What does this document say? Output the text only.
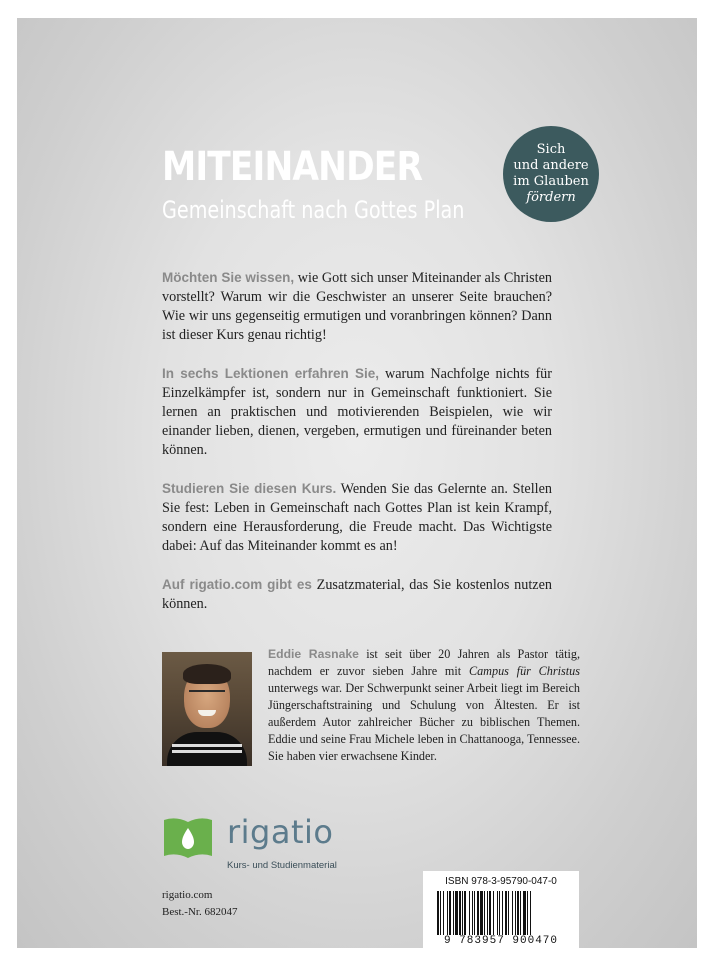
MITEINANDER
Gemeinschaft nach Gottes Plan
Sich
und andere
im Glauben
fördern

Möchten Sie wissen, wie Gott sich unser Miteinander als Christen vorstellt? Warum wir die Geschwister an unserer Seite brauchen? Wie wir uns gegenseitig ermutigen und voranbringen können? Dann ist dieser Kurs genau richtig!

In sechs Lektionen erfahren Sie, warum Nachfolge nichts für Einzelkämpfer ist, sondern nur in Gemeinschaft funktioniert. Sie lernen an praktischen und motivierenden Beispielen, wie wir einander lieben, dienen, vergeben, ermutigen und füreinander beten können.

Studieren Sie diesen Kurs. Wenden Sie das Gelernte an. Stellen Sie fest: Leben in Gemeinschaft nach Gottes Plan ist kein Krampf, sondern eine Herausforderung, die Freude macht. Das Wichtigste dabei: Auf das Miteinander kommt es an!

Auf rigatio.com gibt es Zusatzmaterial, das Sie kostenlos nutzen können.

Eddie Rasnake ist seit über 20 Jahren als Pastor tätig, nachdem er zuvor sieben Jahre mit Campus für Christus unterwegs war. Der Schwerpunkt seiner Arbeit liegt im Bereich Jüngerschaftstraining und Schulung von Ältesten. Er ist außerdem Autor zahlreicher Bücher zu biblischen Themen. Eddie und seine Frau Michele leben in Chattanooga, Tennessee. Sie haben vier erwachsene Kinder.
rigatio
Kurs- und Studienmaterial
rigatio.com
Best.-Nr. 682047
ISBN 978-3-95790-047-0
9 783957 900470
